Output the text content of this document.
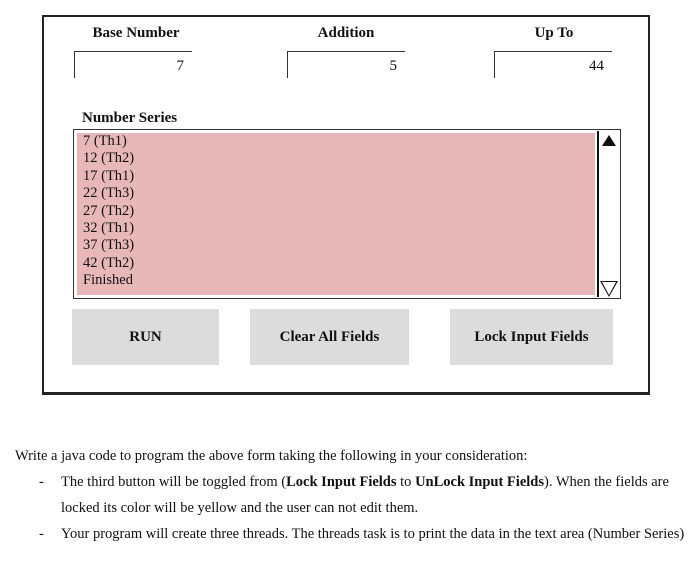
Base Number	Addition	Up To
7	5	44
Number Series
7 (Th1)
12 (Th2)
17 (Th1)
22 (Th3)
27 (Th2)
32 (Th1)
37 (Th3)
42 (Th2)
Finished
RUN	Clear All Fields	Lock Input Fields

Write a java code to program the above form taking the following in your consideration:

- The third button will be toggled from (Lock Input Fields to UnLock Input Fields). When the fields are locked its color will be yellow and the user can not edit them.

- Your program will create three threads. The threads task is to print the data in the text area (Number Series)
